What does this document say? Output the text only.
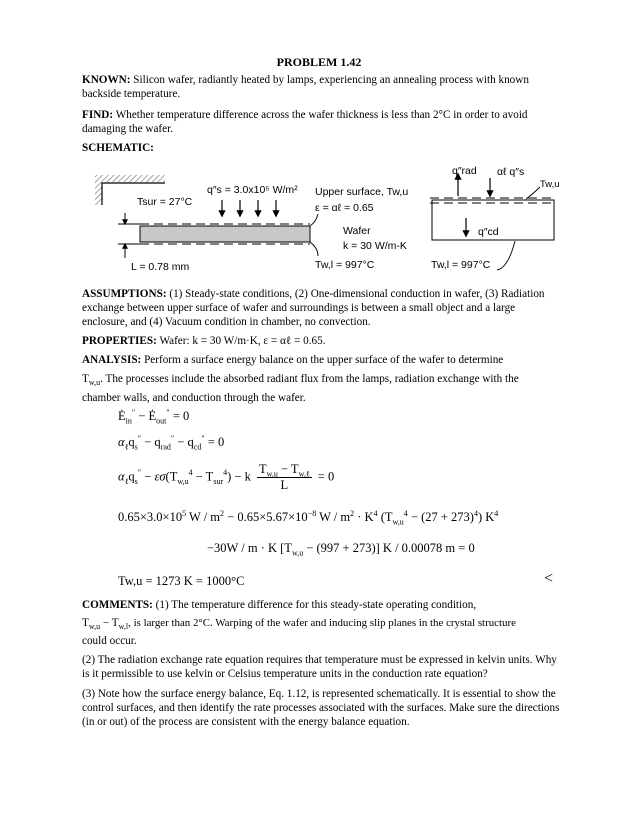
PROBLEM 1.42
KNOWN: Silicon wafer, radiantly heated by lamps, experiencing an annealing process with known backside temperature.
FIND: Whether temperature difference across the wafer thickness is less than 2°C in order to avoid damaging the wafer.
SCHEMATIC:
q″s = 3.0x10⁵ W/m²
Tsur = 27°C
Upper surface, Tw,u
ε = αℓ = 0.65
Wafer
k = 30 W/m-K
L = 0.78 mm	Tw,l = 997°C
q″rad αℓ q″s
Tw,u
q″cd
Tw,l = 997°C
ASSUMPTIONS: (1) Steady-state conditions, (2) One-dimensional conduction in wafer, (3) Radiation exchange between upper surface of wafer and surroundings is between a small object and a large enclosure, and (4) Vacuum condition in chamber, no convection.
PROPERTIES: Wafer: k = 30 W/m·K, ε = αℓ = 0.65.
ANALYSIS: Perform a surface energy balance on the upper surface of the wafer to determine
$T_{w,u}$. The processes include the absorbed radiant flux from the lamps, radiation exchange with the
chamber walls, and conduction through the wafer.
$Ė_{in}''$ − $Ė_{out}'' = 0$
$\alpha_\ell q_s'' - q_{rad}'' - q_{cd}'' = 0$
$\alpha_\ell q_s'' - \varepsilon\sigma(T_{w,u}^4 - T_{sur}^4) - k$
$T_{w,u} - T_{w,\ell}$
L
= 0
$0.65\times 3.0\times 10^5$ $W / m^2 - 0.65\times 5.67\times 10^{-8}$ $W / m^2 \cdot K^4$ $(T_{w,u}^4 - (27 + 273)^4)$ $K^4$
−30W / m · K $[T_{w,u} - (997 + 273)]$ K / 0.00078 m = 0
Tw,u = 1273 K = 1000°C	<
COMMENTS: (1) The temperature difference for this steady-state operating condition,
$T_{w,u} - T_{w,l}$, is larger than 2°C. Warping of the wafer and inducing slip planes in the crystal structure
could occur.
(2) The radiation exchange rate equation requires that temperature must be expressed in kelvin units. Why is it permissible to use kelvin or Celsius temperature units in the conduction rate equation?
(3) Note how the surface energy balance, Eq. 1.12, is represented schematically. It is essential to show the control surfaces, and then identify the rate processes associated with the surfaces. Make sure the directions (in or out) of the process are consistent with the energy balance equation.
